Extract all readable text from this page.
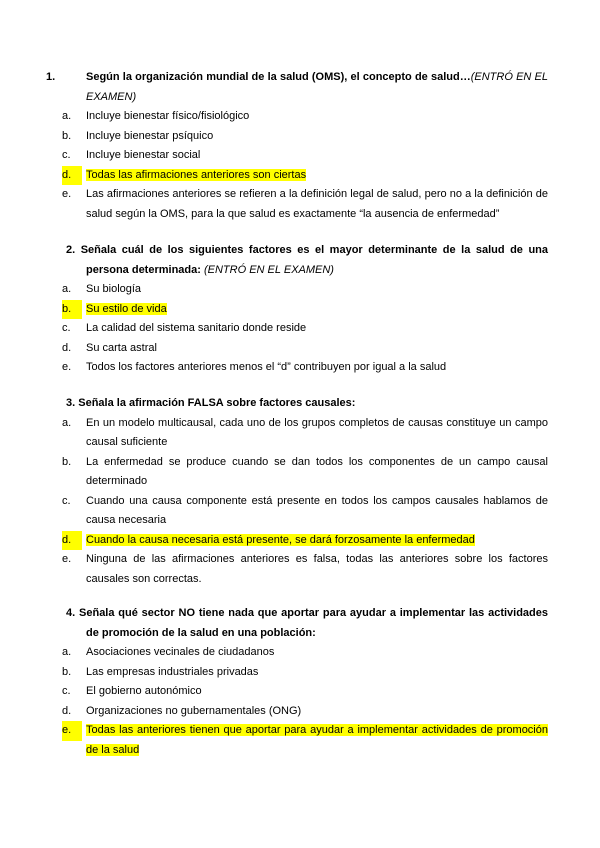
1.	Según la organización mundial de la salud (OMS), el concepto de salud…(ENTRÓ EN EL EXAMEN)
a.	Incluye bienestar físico/fisiológico
b.	Incluye bienestar psíquico
c.	Incluye bienestar social
d.	Todas las afirmaciones anteriores son ciertas
e.	Las afirmaciones anteriores se refieren a la definición legal de salud, pero no a la definición de salud según la OMS, para la que salud es exactamente “la ausencia de enfermedad”
2. Señala cuál de los siguientes factores es el mayor determinante de la salud de una persona determinada: (ENTRÓ EN EL EXAMEN)
a.	Su biología
b.	Su estilo de vida
c.	La calidad del sistema sanitario donde reside
d.	Su carta astral
e.	Todos los factores anteriores menos el “d” contribuyen por igual a la salud
3. Señala la afirmación FALSA sobre factores causales:
a.	En un modelo multicausal, cada uno de los grupos completos de causas constituye un campo causal suficiente
b.	La enfermedad se produce cuando se dan todos los componentes de un campo causal determinado
c.	Cuando una causa componente está presente en todos los campos causales hablamos de causa necesaria
d.	Cuando la causa necesaria está presente, se dará forzosamente la enfermedad
e.	Ninguna de las afirmaciones anteriores es falsa, todas las anteriores sobre los factores causales son correctas.
4. Señala qué sector NO tiene nada que aportar para ayudar a implementar las actividades de promoción de la salud en una población:
a.	Asociaciones vecinales de ciudadanos
b.	Las empresas industriales privadas
c.	El gobierno autonómico
d.	Organizaciones no gubernamentales (ONG)
e.	Todas las anteriores tienen que aportar para ayudar a implementar actividades de promoción de la salud
